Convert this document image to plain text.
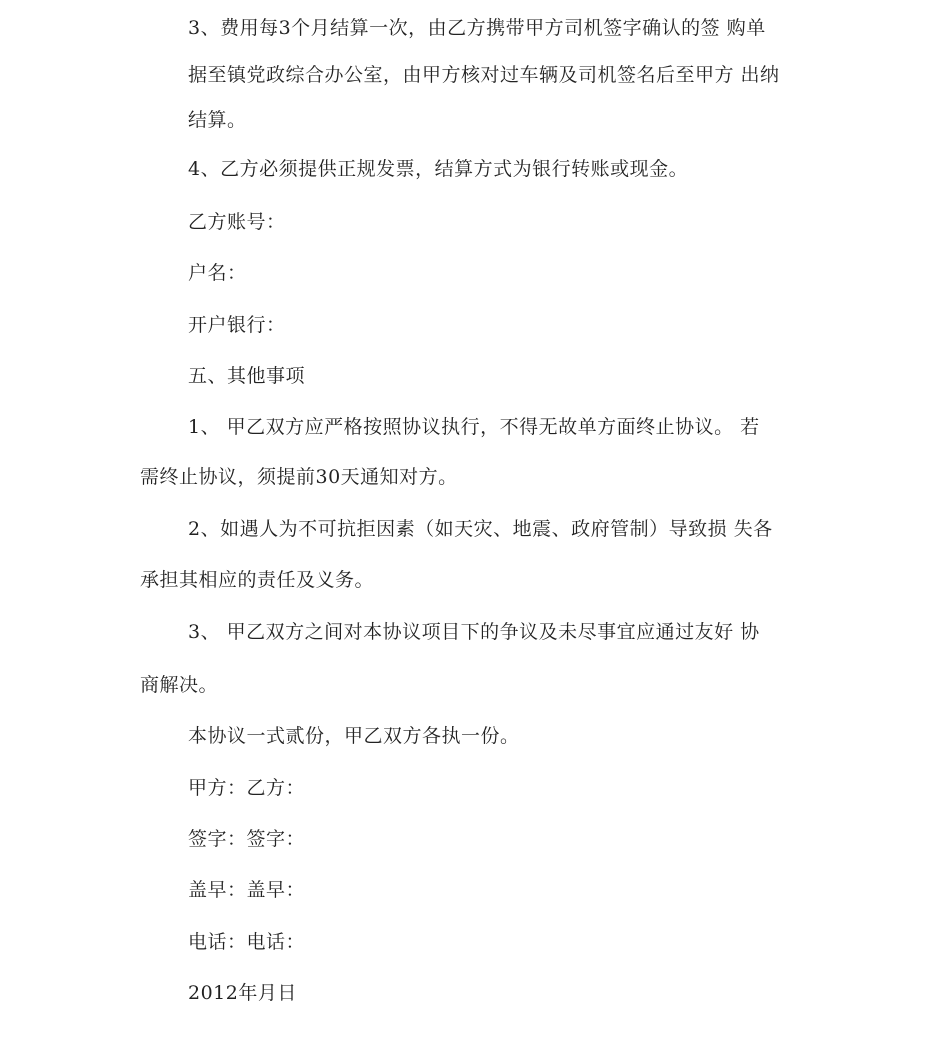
3、费用每3个月结算一次，由乙方携带甲方司机签字确认的签 购单
据至镇党政综合办公室，由甲方核对过车辆及司机签名后至甲方 出纳
结算。
4、乙方必须提供正规发票，结算方式为银行转账或现金。
乙方账号：
户名：
开户银行：
五、其他事项
1、 甲乙双方应严格按照协议执行，不得无故单方面终止协议。 若
需终止协议，须提前30天通知对方。
2、如遇人为不可抗拒因素（如天灾、地震、政府管制）导致损 失各
承担其相应的责任及义务。
3、 甲乙双方之间对本协议项目下的争议及未尽事宜应通过友好 协
商解决。
本协议一式贰份，甲乙双方各执一份。
甲方：乙方：
签字：签字：
盖早：盖早：
电话：电话：
2012年月日
